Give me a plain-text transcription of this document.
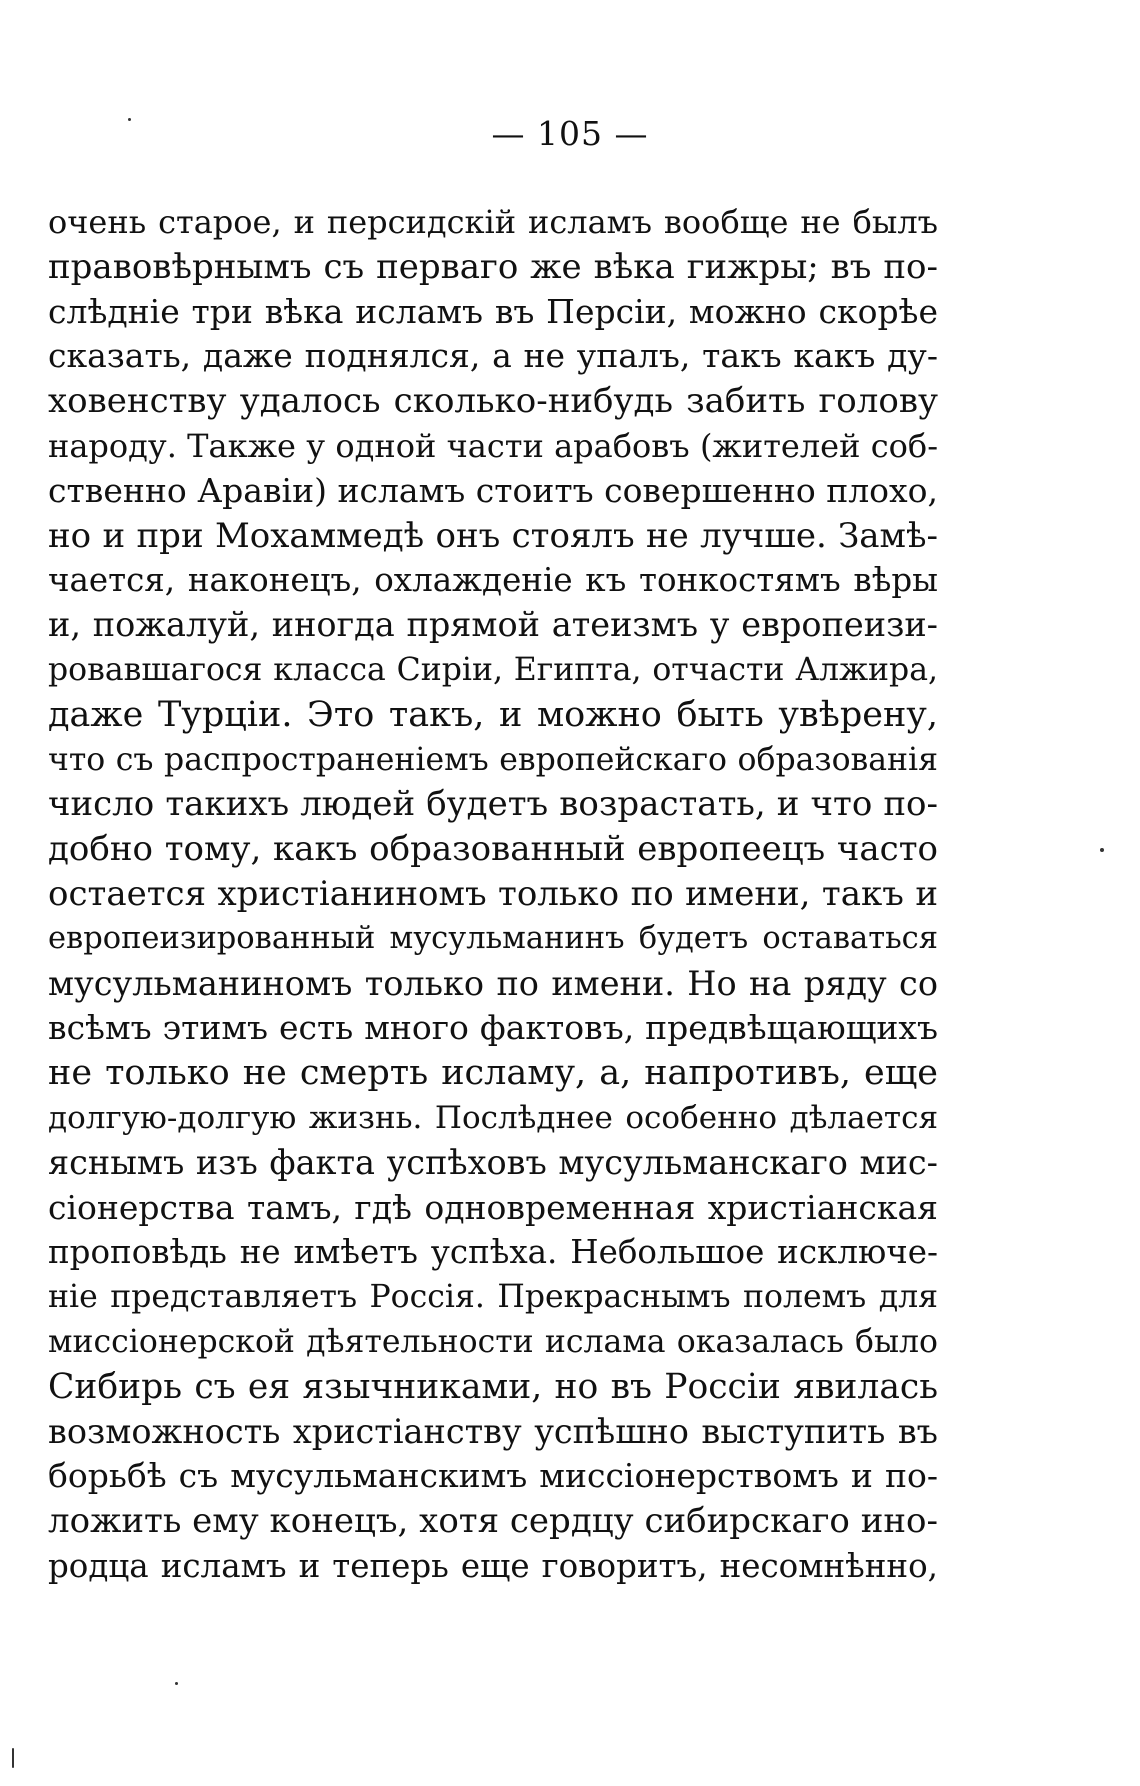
— 105 —
очень старое, и персидскій исламъ вообще не былъ
правовѣрнымъ съ перваго же вѣка гижры; въ по-
слѣдніе три вѣка исламъ въ Персіи, можно скорѣе
сказать, даже поднялся, а не упалъ, такъ какъ ду-
ховенству удалось сколько-нибудь забить голову
народу. Также у одной части арабовъ (жителей соб-
ственно Аравіи) исламъ стоитъ совершенно плохо,
но и при Мохаммедѣ онъ стоялъ не лучше. Замѣ-
чается, наконецъ, охлажденіе къ тонкостямъ вѣры
и, пожалуй, иногда прямой атеизмъ у европеизи-
ровавшагося класса Сиріи, Египта, отчасти Алжира,
даже Турціи. Это такъ, и можно быть увѣрену,
что съ распространеніемъ европейскаго образованія
число такихъ людей будетъ возрастать, и что по-
добно тому, какъ образованный европеецъ часто
остается христіаниномъ только по имени, такъ и
европеизированный мусульманинъ будетъ оставаться
мусульманиномъ только по имени. Но на ряду со
всѣмъ этимъ есть много фактовъ, предвѣщающихъ
не только не смерть исламу, а, напротивъ, еще
долгую-долгую жизнь. Послѣднее особенно дѣлается
яснымъ изъ факта успѣховъ мусульманскаго мис-
сіонерства тамъ, гдѣ одновременная христіанская
проповѣдь не имѣетъ успѣха. Небольшое исключе-
ніе представляетъ Россія. Прекраснымъ полемъ для
миссіонерской дѣятельности ислама оказалась было
Сибирь съ ея язычниками, но въ Россіи явилась
возможность христіанству успѣшно выступить въ
борьбѣ съ мусульманскимъ миссіонерствомъ и по-
ложить ему конецъ, хотя сердцу сибирскаго ино-
родца исламъ и теперь еще говоритъ, несомнѣнно,
